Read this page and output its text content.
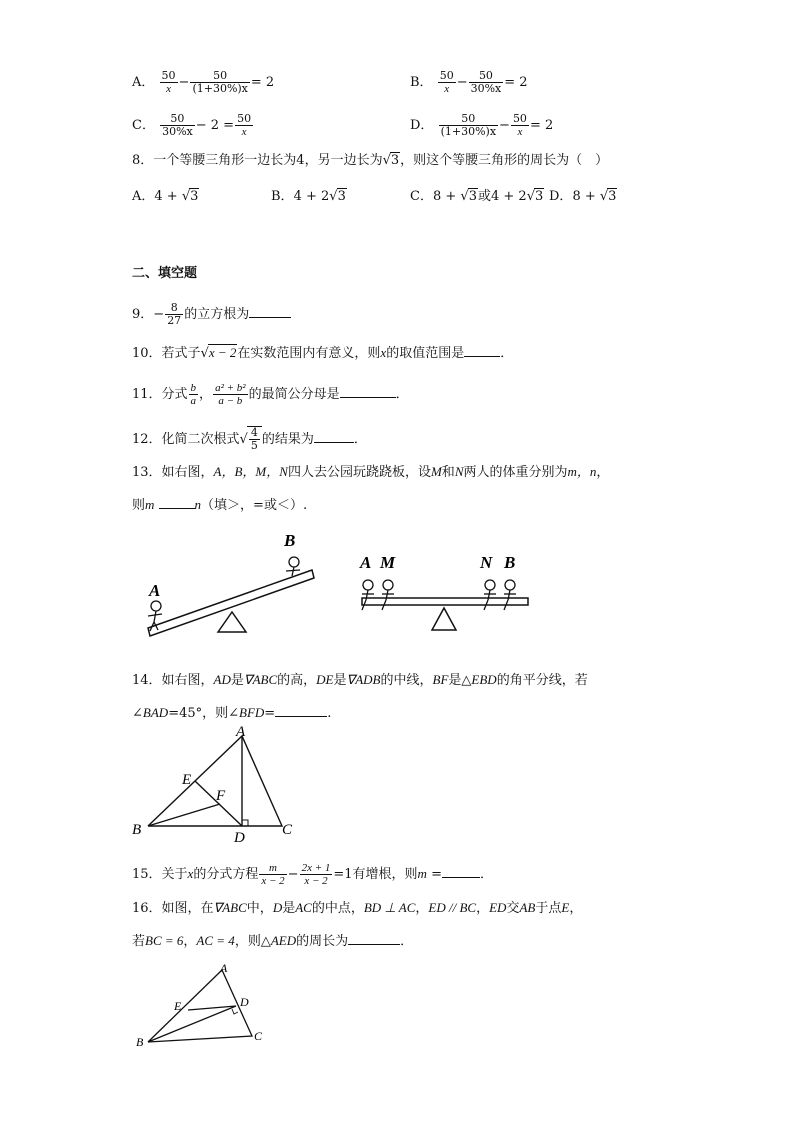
A． $\frac{50}{x} - \frac{50}{(1+30\%)x} = 2$	B． $\frac{50}{x} - \frac{50}{30\%x} = 2$
C． $\frac{50}{30\%x} - 2 = \frac{50}{x}$	D． $\frac{50}{(1+30\%)x} - \frac{50}{x} = 2$
8．一个等腰三角形一边长为4，另一边长为√3，则这个等腰三角形的周长为（　）
A．4 + √3	B．4 + 2√3	C．8 + √3或4 + 2√3 D．8 + √3
二、填空题
9．− $\frac{8}{27}$ 的立方根为
10．若式子√x − 2在实数范围内有意义，则x的取值范围是	．
11．分式 $\frac{b}{a}$ ， $\frac{\text{a² + b²}}{a - b}$ 的最简公分母是	．
12．化简二次根式√ $\frac{4}{5}$ 的结果为	．
13．如右图，A，B，M，N四人去公园玩跷跷板，设M和N两人的体重分别为m，n，
则m	n（填＞，=或＜）.
A
B
A M	N B
14．如右图，AD是∇ABC的高，DE是∇ADB的中线，BF是△EBD的角平分线，若
∠BAD=45°，则∠BFD=	.
A
E
F
B	D C
15．关于x的分式方程 $\frac{m}{x - 2} - \frac{2x + 1}{x - 2} =1$有增根，则m =	．
16．如图，在∇ABC中，D是AC的中点，BD ⊥ AC，ED // BC，ED交AB于点E，
若BC = 6，AC = 4，则△AED的周长为	．
A
E	D
B	C
